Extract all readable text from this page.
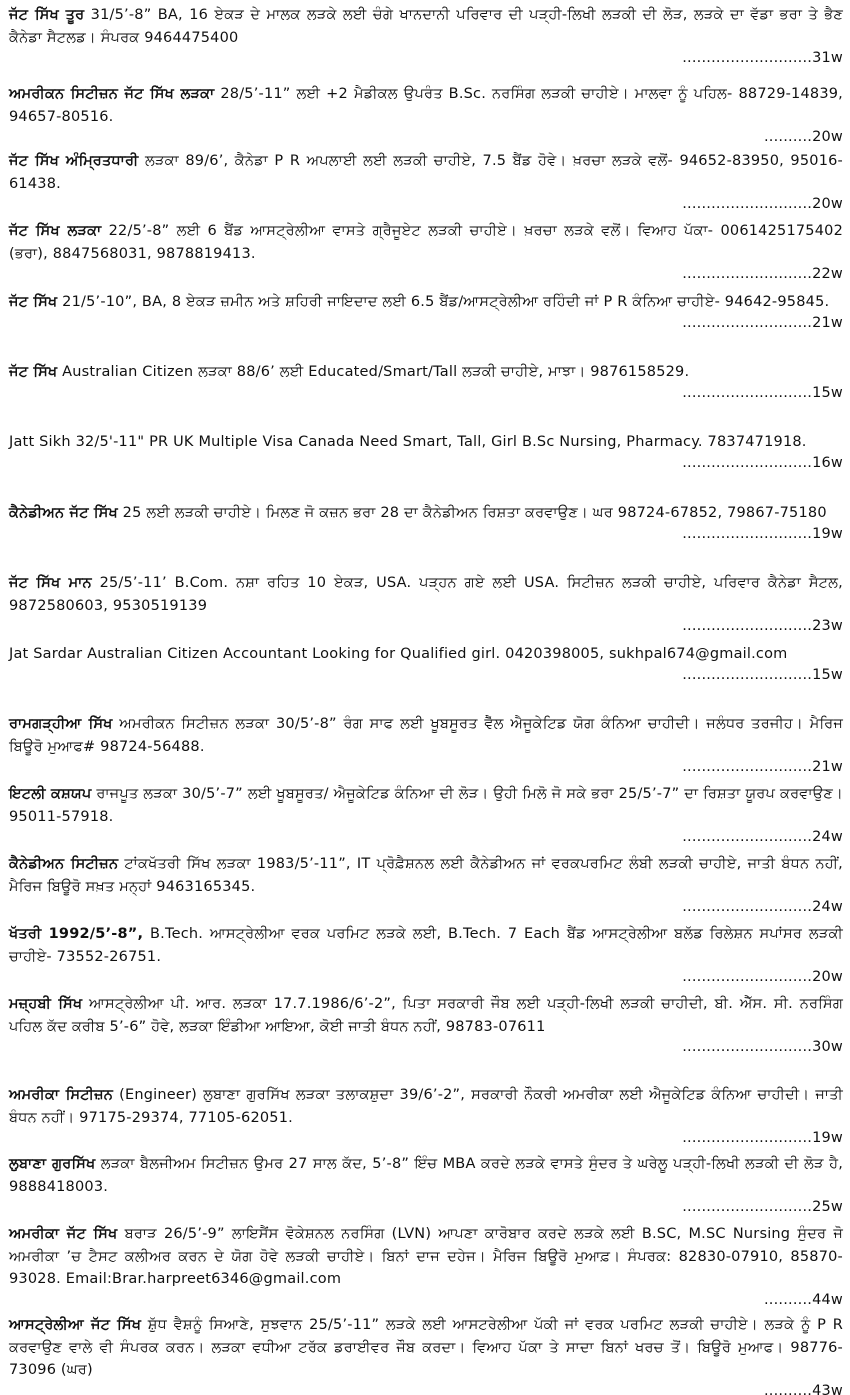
ਜੱਟ ਸਿੱਖ ਤੂਰ 31/5’-8” BA, 16 ਏਕੜ ਦੇ ਮਾਲਕ ਲੜਕੇ ਲਈ ਚੰਗੇ ਖਾਨਦਾਨੀ ਪਰਿਵਾਰ ਦੀ ਪੜ੍ਹੀ-ਲਿਖੀ ਲੜਕੀ ਦੀ ਲੋੜ, ਲੜਕੇ ਦਾ ਵੱਡਾ ਭਰਾ ਤੇ ਭੈਣ ਕੈਨੇਡਾ ਸੈਟਲਡ। ਸੰਪਰਕ 9464475400
...........................31w
ਅਮਰੀਕਨ ਸਿਟੀਜ਼ਨ ਜੱਟ ਸਿੱਖ ਲੜਕਾ 28/5’-11” ਲਈ +2 ਮੈਡੀਕਲ ਉਪਰੰਤ B.Sc. ਨਰਸਿੰਗ ਲੜਕੀ ਚਾਹੀਏ। ਮਾਲਵਾ ਨੂੰ ਪਹਿਲ- 88729-14839, 94657-80516.
..........20w
ਜੱਟ ਸਿੱਖ ਅੰਮ੍ਰਿਤਧਾਰੀ ਲੜਕਾ 89/6’, ਕੈਨੇਡਾ P R ਅਪਲਾਈ ਲਈ ਲੜਕੀ ਚਾਹੀਏ, 7.5 ਬੈਂਡ ਹੋਵੇ। ਖ਼ਰਚਾ ਲੜਕੇ ਵਲੋਂ- 94652-83950, 95016-61438.
...........................20w
ਜੱਟ ਸਿੱਖ ਲੜਕਾ 22/5’-8” ਲਈ 6 ਬੈਂਡ ਆਸਟ੍ਰੇਲੀਆ ਵਾਸਤੇ ਗ੍ਰੈਜੂਏਟ ਲੜਕੀ ਚਾਹੀਏ। ਖ਼ਰਚਾ ਲੜਕੇ ਵਲੋਂ। ਵਿਆਹ ਪੱਕਾ- 0061425175402 (ਭਰਾ), 8847568031, 9878819413.
...........................22w
ਜੱਟ ਸਿੱਖ 21/5’-10”, BA, 8 ਏਕੜ ਜ਼ਮੀਨ ਅਤੇ ਸ਼ਹਿਰੀ ਜਾਇਦਾਦ ਲਈ 6.5 ਬੈਂਡ/ਆਸਟ੍ਰੇਲੀਆ ਰਹਿੰਦੀ ਜਾਂ P R ਕੰਨਿਆ ਚਾਹੀਏ- 94642-95845.
...........................21w
ਜੱਟ ਸਿੱਖ Australian Citizen ਲੜਕਾ 88/6’ ਲਈ Educated/Smart/Tall ਲੜਕੀ ਚਾਹੀਏ, ਮਾਝਾ। 9876158529.
...........................15w
Jatt Sikh 32/5'-11" PR UK Multiple Visa Canada Need Smart, Tall, Girl B.Sc Nursing, Pharmacy. 7837471918.
...........................16w
ਕੈਨੇਡੀਅਨ ਜੱਟ ਸਿੱਖ 25 ਲਈ ਲੜਕੀ ਚਾਹੀਏ। ਮਿਲਣ ਜੋ ਕਜ਼ਨ ਭਰਾ 28 ਦਾ ਕੈਨੇਡੀਅਨ ਰਿਸ਼ਤਾ ਕਰਵਾਉਣ। ਘਰ 98724-67852, 79867-75180
...........................19w
ਜੱਟ ਸਿੱਖ ਮਾਨ 25/5’-11’ B.Com. ਨਸ਼ਾ ਰਹਿਤ 10 ਏਕੜ, USA. ਪੜ੍ਹਨ ਗਏ ਲਈ USA. ਸਿਟੀਜ਼ਨ ਲੜਕੀ ਚਾਹੀਏ, ਪਰਿਵਾਰ ਕੈਨੇਡਾ ਸੈਟਲ, 9872580603, 9530519139
...........................23w
Jat Sardar Australian Citizen Accountant Looking for Qualified girl. 0420398005, sukhpal674@gmail.com
...........................15w
ਰਾਮਗੜ੍ਹੀਆ ਸਿੱਖ ਅਮਰੀਕਨ ਸਿਟੀਜ਼ਨ ਲੜਕਾ 30/5’-8” ਰੰਗ ਸਾਫ ਲਈ ਖੂਬਸੂਰਤ ਵੈੱਲ ਐਜੂਕੇਟਿਡ ਯੋਗ ਕੰਨਿਆ ਚਾਹੀਦੀ। ਜਲੰਧਰ ਤਰਜੀਹ। ਮੈਰਿਜ ਬਿਊਰੋ ਮੁਆਫ# 98724-56488.
...........................21w
ਇਟਲੀ ਕਸ਼ਯਪ ਰਾਜਪੂਤ ਲੜਕਾ 30/5’-7” ਲਈ ਖੂਬਸੂਰਤ/ ਐਜੂਕੇਟਿਡ ਕੰਨਿਆ ਦੀ ਲੋੜ। ਉਹੀ ਮਿਲੋ ਜੋ ਸਕੇ ਭਰਾ 25/5’-7” ਦਾ ਰਿਸ਼ਤਾ ਯੂਰਪ ਕਰਵਾਉਣ। 95011-57918.
...........................24w
ਕੈਨੇਡੀਅਨ ਸਿਟੀਜ਼ਨ ਟਾਂਕਖੱਤਰੀ ਸਿੱਖ ਲੜਕਾ 1983/5’-11”, IT ਪ੍ਰੋਫ਼ੈਸ਼ਨਲ ਲਈ ਕੈਨੇਡੀਅਨ ਜਾਂ ਵਰਕਪਰਮਿਟ ਲੰਬੀ ਲੜਕੀ ਚਾਹੀਏ, ਜਾਤੀ ਬੰਧਨ ਨਹੀਂ, ਮੈਰਿਜ ਬਿਊਰੋ ਸਖ਼ਤ ਮਨ੍ਹਾਂ 9463165345.
...........................24w
ਖੱਤਰੀ 1992/5’-8”, B.Tech. ਆਸਟ੍ਰੇਲੀਆ ਵਰਕ ਪਰਮਿਟ ਲੜਕੇ ਲਈ, B.Tech. 7 Each ਬੈਂਡ ਆਸਟ੍ਰੇਲੀਆ ਬਲੱਡ ਰਿਲੇਸ਼ਨ ਸਪਾਂਸਰ ਲੜਕੀ ਚਾਹੀਏ- 73552-26751.
...........................20w
ਮਜ਼੍ਹਬੀ ਸਿੱਖ ਆਸਟ੍ਰੇਲੀਆ ਪੀ. ਆਰ. ਲੜਕਾ 17.7.1986/6’-2”, ਪਿਤਾ ਸਰਕਾਰੀ ਜੌਬ ਲਈ ਪੜ੍ਹੀ-ਲਿਖੀ ਲੜਕੀ ਚਾਹੀਦੀ, ਬੀ. ਐੱਸ. ਸੀ. ਨਰਸਿੰਗ ਪਹਿਲ ਕੱਦ ਕਰੀਬ 5’-6” ਹੋਵੇ, ਲੜਕਾ ਇੰਡੀਆ ਆਇਆ, ਕੋਈ ਜਾਤੀ ਬੰਧਨ ਨਹੀਂ, 98783-07611
...........................30w
ਅਮਰੀਕਾ ਸਿਟੀਜ਼ਨ (Engineer) ਲੁਬਾਣਾ ਗੁਰਸਿੱਖ ਲੜਕਾ ਤਲਾਕਸ਼ੁਦਾ 39/6’-2”, ਸਰਕਾਰੀ ਨੌਕਰੀ ਅਮਰੀਕਾ ਲਈ ਐਜੂਕੇਟਿਡ ਕੰਨਿਆ ਚਾਹੀਦੀ। ਜਾਤੀ ਬੰਧਨ ਨਹੀਂ। 97175-29374, 77105-62051.
...........................19w
ਲੁਬਾਣਾ ਗੁਰਸਿੱਖ ਲੜਕਾ ਬੈਲਜੀਅਮ ਸਿਟੀਜ਼ਨ ਉਮਰ 27 ਸਾਲ ਕੱਦ, 5’-8” ਇੰਚ MBA ਕਰਦੇ ਲੜਕੇ ਵਾਸਤੇ ਸੁੰਦਰ ਤੇ ਘਰੇਲੂ ਪੜ੍ਹੀ-ਲਿਖੀ ਲੜਕੀ ਦੀ ਲੋੜ ਹੈ, 9888418003.
...........................25w
ਅਮਰੀਕਾ ਜੱਟ ਸਿੱਖ ਬਰਾੜ 26/5’-9” ਲਾਇਸੈਂਸ ਵੋਕੇਸ਼ਨਲ ਨਰਸਿੰਗ (LVN) ਆਪਣਾ ਕਾਰੋਬਾਰ ਕਰਦੇ ਲੜਕੇ ਲਈ B.SC, M.SC Nursing ਸੁੰਦਰ ਜੋ ਅਮਰੀਕਾ ’ਚ ਟੈਸਟ ਕਲੀਅਰ ਕਰਨ ਦੇ ਯੋਗ ਹੋਵੇ ਲੜਕੀ ਚਾਹੀਏ। ਬਿਨਾਂ ਦਾਜ ਦਹੇਜ। ਮੈਰਿਜ ਬਿਊਰੋ ਮੁਆਫ਼। ਸੰਪਰਕ: 82830-07910, 85870-93028. Email:Brar.harpreet6346@gmail.com
..........44w
ਆਸਟ੍ਰੇਲੀਆ ਜੱਟ ਸਿੱਖ ਸ਼ੁੱਧ ਵੈਸ਼ਨੂੰ ਸਿਆਣੇ, ਸੁਝਵਾਨ 25/5’-11” ਲੜਕੇ ਲਈ ਆਸਟਰੇਲੀਆ ਪੱਕੀ ਜਾਂ ਵਰਕ ਪਰਮਿਟ ਲੜਕੀ ਚਾਹੀਏ। ਲੜਕੇ ਨੂੰ P R ਕਰਵਾਉਣ ਵਾਲੇ ਵੀ ਸੰਪਰਕ ਕਰਨ। ਲੜਕਾ ਵਧੀਆ ਟਰੱਕ ਡਰਾਈਵਰ ਜੌਬ ਕਰਦਾ। ਵਿਆਹ ਪੱਕਾ ਤੇ ਸਾਦਾ ਬਿਨਾਂ ਖਰਚ ਤੋਂ। ਬਿਊਰੋ ਮੁਆਫ। 98776-73096 (ਘਰ)
..........43w
